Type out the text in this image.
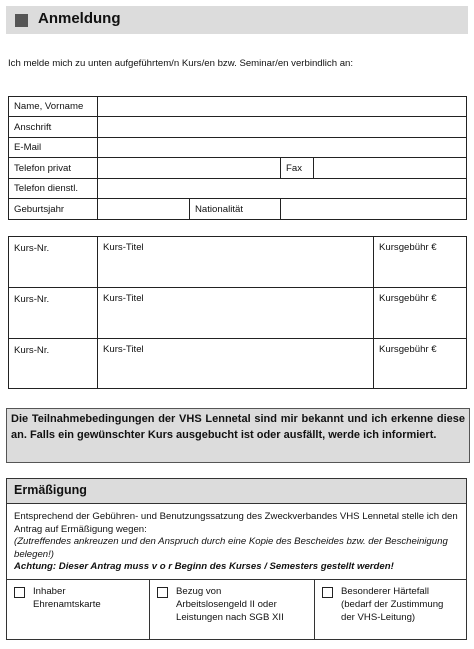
Anmeldung
Ich melde mich zu unten aufgeführtem/n Kurs/en bzw. Seminar/en verbindlich an:
Name, Vorname				
Anschrift				
E-Mail				
Telefon privat			Fax	
Telefon dienstl.				
Geburtsjahr		Nationalität		
Kurs-Nr.	Kurs-Titel	Kursgebühr €
Kurs-Nr.	Kurs-Titel	Kursgebühr €
Kurs-Nr.	Kurs-Titel	Kursgebühr €
Die Teilnahmebedingungen der VHS Lennetal sind mir bekannt und ich erkenne diese an. Falls ein gewünschter Kurs ausgebucht ist oder ausfällt, werde ich informiert.
Ermäßigung
Entsprechend der Gebühren- und Benutzungssatzung des Zweckverbandes VHS Lennetal stelle ich den Antrag auf Ermäßigung wegen:
(Zutreffendes ankreuzen und den Anspruch durch eine Kopie des Bescheides bzw. der Bescheinigung belegen!)
Achtung: Dieser Antrag muss v o r Beginn des Kurses / Semesters gestellt werden!
Inhaber
Ehrenamtskarte
Bezug von
Arbeitslosengeld II oder
Leistungen nach SGB XII
Besonderer Härtefall
(bedarf der Zustimmung
der VHS-Leitung)
